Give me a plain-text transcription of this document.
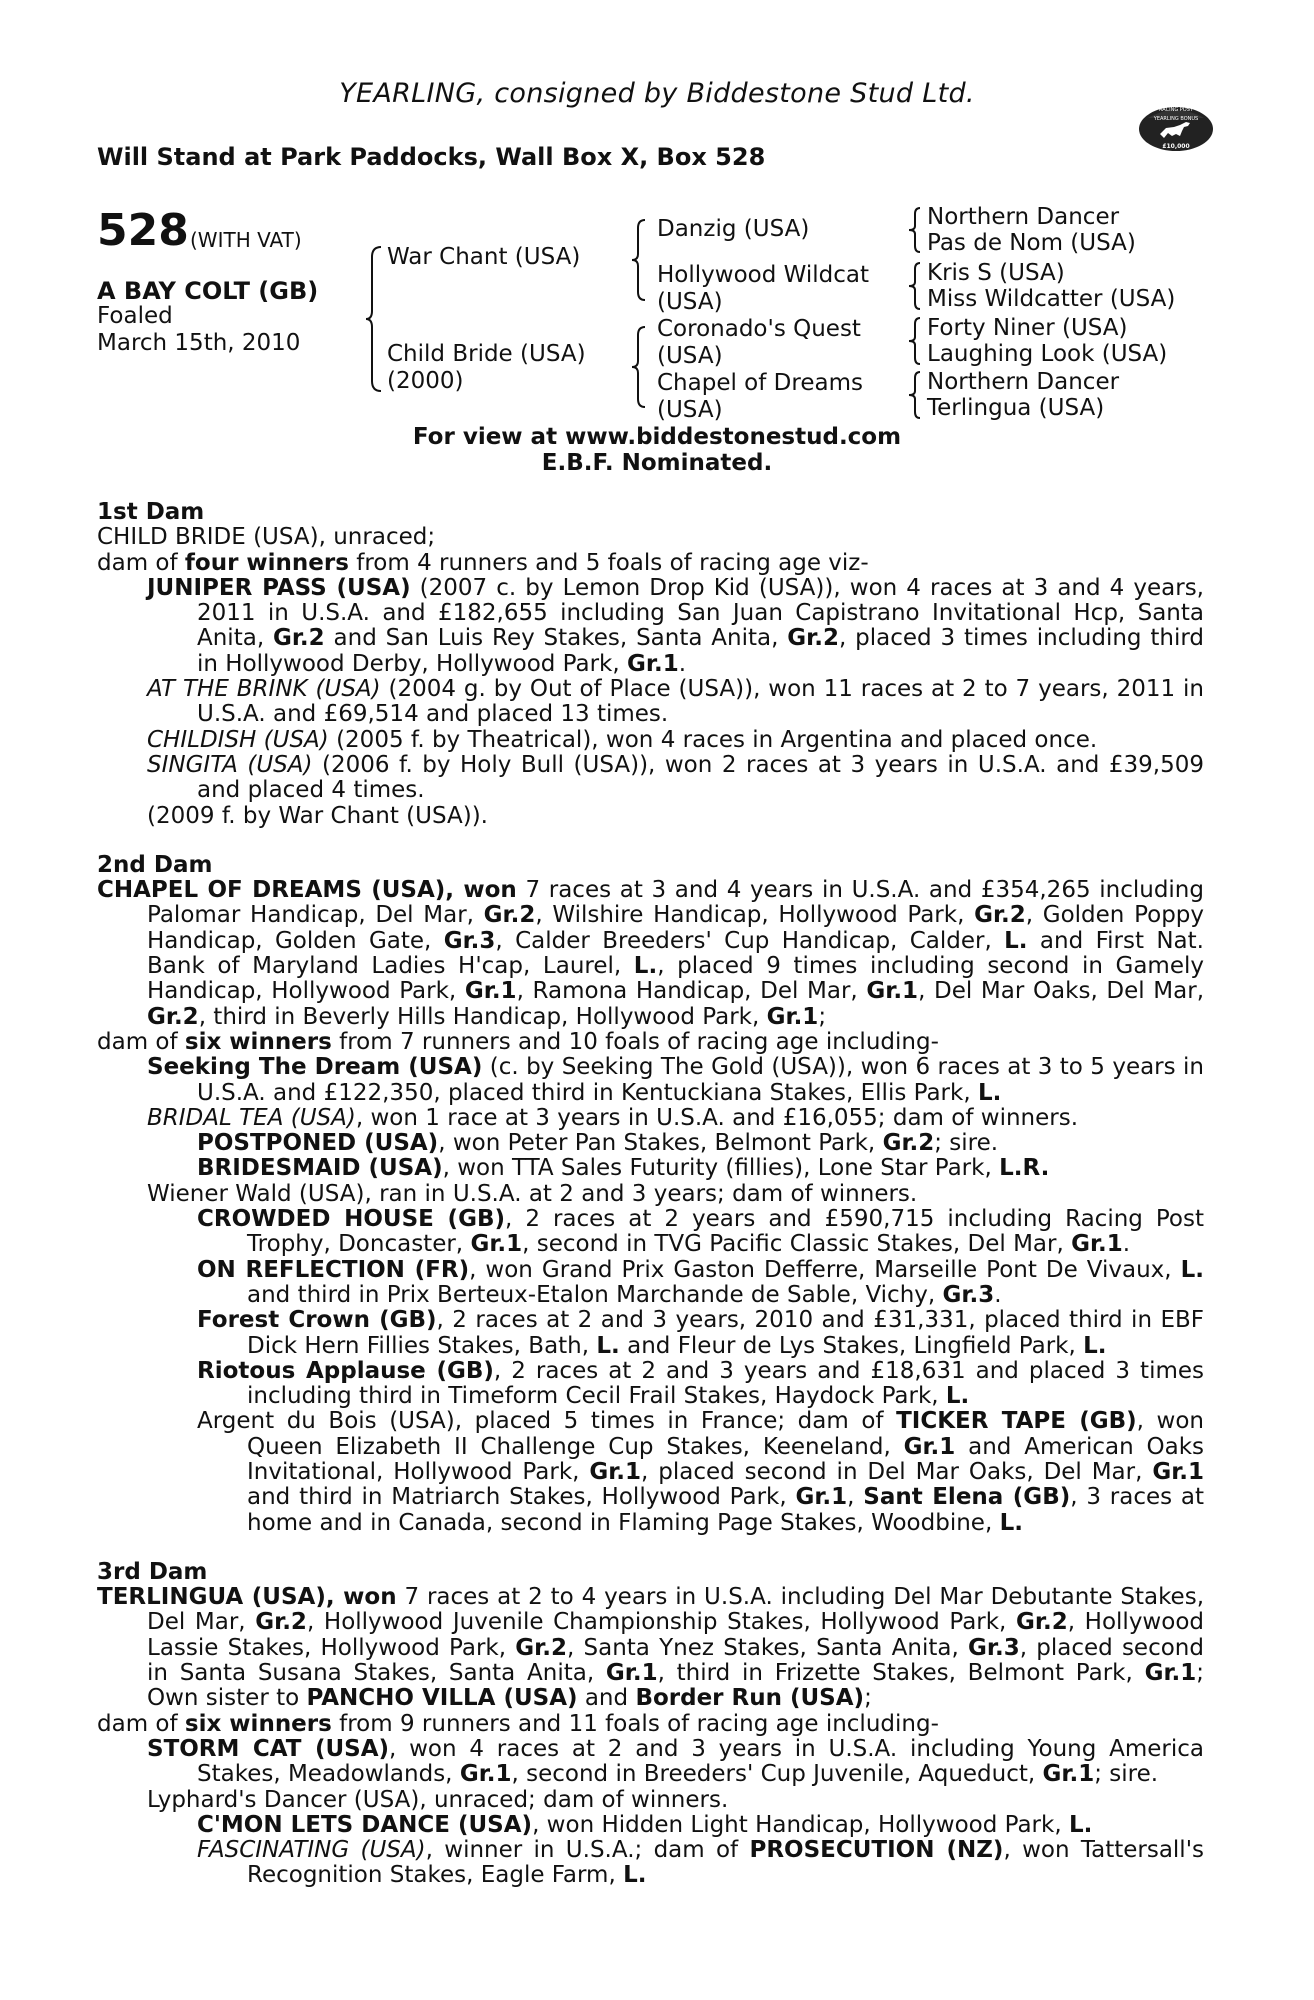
YEARLING, consigned by Biddestone Stud Ltd.
Will Stand at Park Paddocks, Wall Box X, Box 528
RACING POST
YEARLING BONUS
£10,000
528 (WITH VAT)
A BAY COLT (GB)
Foaled
March 15th, 2010
War Chant (USA)
Child Bride (USA)
(2000)
Danzig (USA)
Hollywood Wildcat
(USA)
Coronado's Quest
(USA)
Chapel of Dreams
(USA)
Northern Dancer
Pas de Nom (USA)
Kris S (USA)
Miss Wildcatter (USA)
Forty Niner (USA)
Laughing Look (USA)
Northern Dancer
Terlingua (USA)
For view at www.biddestonestud.com
E.B.F. Nominated.

1st Dam

CHILD BRIDE (USA), unraced;

dam of four winners from 4 runners and 5 foals of racing age viz-

JUNIPER PASS (USA) (2007 c. by Lemon Drop Kid (USA)), won 4 races at 3 and 4 years, 2011 in U.S.A. and £182,655 including San Juan Capistrano Invitational Hcp, Santa Anita, Gr.2 and San Luis Rey Stakes, Santa Anita, Gr.2, placed 3 times including third in Hollywood Derby, Hollywood Park, Gr.1.

AT THE BRINK (USA) (2004 g. by Out of Place (USA)), won 11 races at 2 to 7 years, 2011 in U.S.A. and £69,514 and placed 13 times.

CHILDISH (USA) (2005 f. by Theatrical), won 4 races in Argentina and placed once.

SINGITA (USA) (2006 f. by Holy Bull (USA)), won 2 races at 3 years in U.S.A. and £39,509 and placed 4 times.

(2009 f. by War Chant (USA)).

2nd Dam

CHAPEL OF DREAMS (USA), won 7 races at 3 and 4 years in U.S.A. and £354,265 including Palomar Handicap, Del Mar, Gr.2, Wilshire Handicap, Hollywood Park, Gr.2, Golden Poppy Handicap, Golden Gate, Gr.3, Calder Breeders' Cup Handicap, Calder, L. and First Nat. Bank of Maryland Ladies H'cap, Laurel, L., placed 9 times including second in Gamely Handicap, Hollywood Park, Gr.1, Ramona Handicap, Del Mar, Gr.1, Del Mar Oaks, Del Mar, Gr.2, third in Beverly Hills Handicap, Hollywood Park, Gr.1;

dam of six winners from 7 runners and 10 foals of racing age including-

Seeking The Dream (USA) (c. by Seeking The Gold (USA)), won 6 races at 3 to 5 years in U.S.A. and £122,350, placed third in Kentuckiana Stakes, Ellis Park, L.

BRIDAL TEA (USA), won 1 race at 3 years in U.S.A. and £16,055; dam of winners.

POSTPONED (USA), won Peter Pan Stakes, Belmont Park, Gr.2; sire.

BRIDESMAID (USA), won TTA Sales Futurity (fillies), Lone Star Park, L.R.

Wiener Wald (USA), ran in U.S.A. at 2 and 3 years; dam of winners.

CROWDED HOUSE (GB), 2 races at 2 years and £590,715 including Racing Post Trophy, Doncaster, Gr.1, second in TVG Pacific Classic Stakes, Del Mar, Gr.1.

ON REFLECTION (FR), won Grand Prix Gaston Defferre, Marseille Pont De Vivaux, L. and third in Prix Berteux-Etalon Marchande de Sable, Vichy, Gr.3.

Forest Crown (GB), 2 races at 2 and 3 years, 2010 and £31,331, placed third in EBF Dick Hern Fillies Stakes, Bath, L. and Fleur de Lys Stakes, Lingfield Park, L.

Riotous Applause (GB), 2 races at 2 and 3 years and £18,631 and placed 3 times including third in Timeform Cecil Frail Stakes, Haydock Park, L.

Argent du Bois (USA), placed 5 times in France; dam of TICKER TAPE (GB), won Queen Elizabeth II Challenge Cup Stakes, Keeneland, Gr.1 and American Oaks Invitational, Hollywood Park, Gr.1, placed second in Del Mar Oaks, Del Mar, Gr.1 and third in Matriarch Stakes, Hollywood Park, Gr.1, Sant Elena (GB), 3 races at home and in Canada, second in Flaming Page Stakes, Woodbine, L.

3rd Dam

TERLINGUA (USA), won 7 races at 2 to 4 years in U.S.A. including Del Mar Debutante Stakes, Del Mar, Gr.2, Hollywood Juvenile Championship Stakes, Hollywood Park, Gr.2, Hollywood Lassie Stakes, Hollywood Park, Gr.2, Santa Ynez Stakes, Santa Anita, Gr.3, placed second in Santa Susana Stakes, Santa Anita, Gr.1, third in Frizette Stakes, Belmont Park, Gr.1; Own sister to PANCHO VILLA (USA) and Border Run (USA);

dam of six winners from 9 runners and 11 foals of racing age including-

STORM CAT (USA), won 4 races at 2 and 3 years in U.S.A. including Young America Stakes, Meadowlands, Gr.1, second in Breeders' Cup Juvenile, Aqueduct, Gr.1; sire.

Lyphard's Dancer (USA), unraced; dam of winners.

C'MON LETS DANCE (USA), won Hidden Light Handicap, Hollywood Park, L.

FASCINATING (USA), winner in U.S.A.; dam of PROSECUTION (NZ), won Tattersall's Recognition Stakes, Eagle Farm, L.
